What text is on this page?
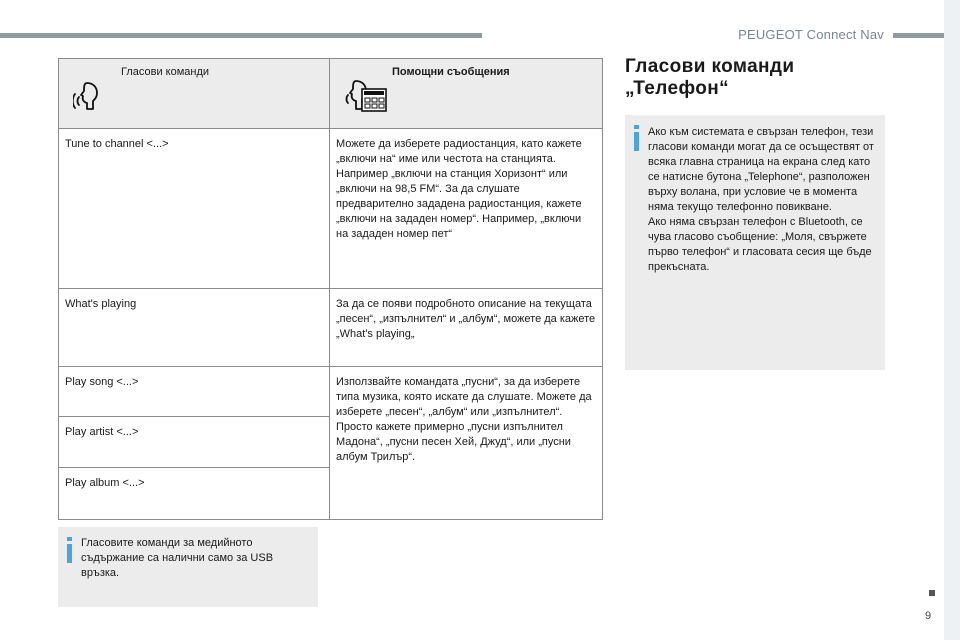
PEUGEOT Connect Nav
Гласови команди	Помощни съобщения

Tune to channel <...>	Можете да изберете радиостанция, като кажете „включи на“ име или честота на станцията. Например „включи на станция Хоризонт“ или „включи на 98,5 FM“. За да слушате предварително зададена радиостанция, кажете „включи на зададен номер“. Например, „включи на зададен номер пет“
What's playing	За да се появи подробното описание на текущата „песен“, „изпълнител“ и „албум“, можете да кажете „What's playing„
Play song <...>	Използвайте командата „пусни“, за да изберете типа музика, която искате да слушате. Можете да изберете „песен“, „албум“ или „изпълнител“. Просто кажете примерно „пусни изпълнител Мадона“, „пусни песен Хей, Джуд“, или „пусни албум Трилър“.
Play artist <...>	
Play album <...>	
Гласовите команди за медийното съдържание са налични само за USB връзка.
Гласови команди
„Телефон“

Ако към системата е свързан телефон, тези гласови команди могат да се осъществят от всяка главна страница на екрана след като се натисне бутона „Telephone“, разположен върху волана, при условие че в момента няма текущо телефонно повикване.

Ако няма свързан телефон с Bluetooth, се чува гласово съобщение: „Моля, свържете първо телефон“ и гласовата сесия ще бъде прекъсната.

9
